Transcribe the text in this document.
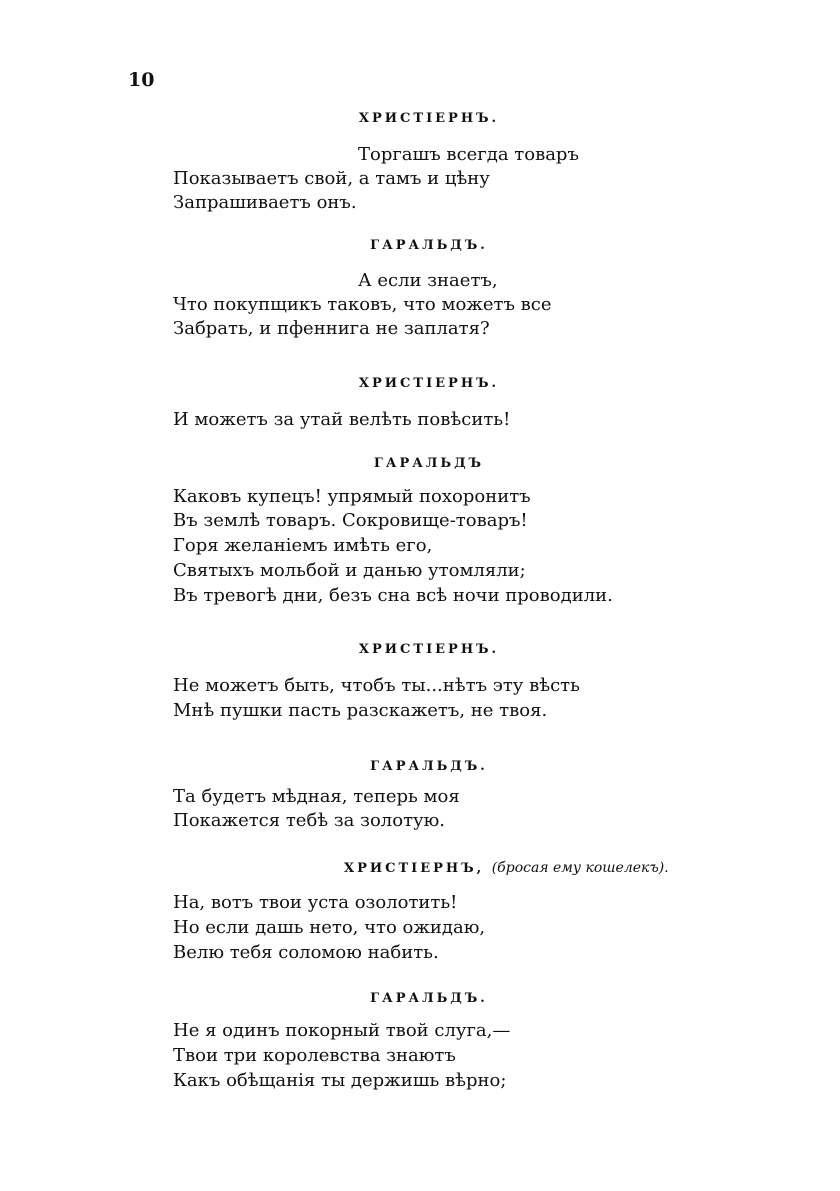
10
ХРИСТІЕРНЪ.
Торгашъ всегда товаръ
Показываетъ свой, а тамъ и цѣну
Запрашиваетъ онъ.
ГАРАЛЬДЪ.
А если знаетъ,
Что покупщикъ таковъ, что можетъ все
Забрать, и пфеннига не заплатя?
ХРИСТІЕРНЪ.
И можетъ за утай велѣть повѣсить!
ГАРАЛЬДЪ
Каковъ купецъ! упрямый похоронитъ
Въ землѣ товаръ. Сокровище-товаръ!
Горя желаніемъ имѣть его,
Святыхъ мольбой и данью утомляли;
Въ тревогѣ дни, безъ сна всѣ ночи проводили.
ХРИСТІЕРНЪ.
Не можетъ быть, чтобъ ты...нѣтъ эту вѣсть
Мнѣ пушки пасть разскажетъ, не твоя.
ГАРАЛЬДЪ.
Та будетъ мѣдная, теперь моя
Покажется тебѣ за золотую.
ХРИСТІЕРНЪ, (бросая ему кошелекъ).
На, вотъ твои уста озолотить!
Но если дашь нето, что ожидаю,
Велю тебя соломою набить.
ГАРАЛЬДЪ.
Не я одинъ покорный твой слуга,—
Твои три королевства знаютъ
Какъ обѣщанія ты держишь вѣрно;
